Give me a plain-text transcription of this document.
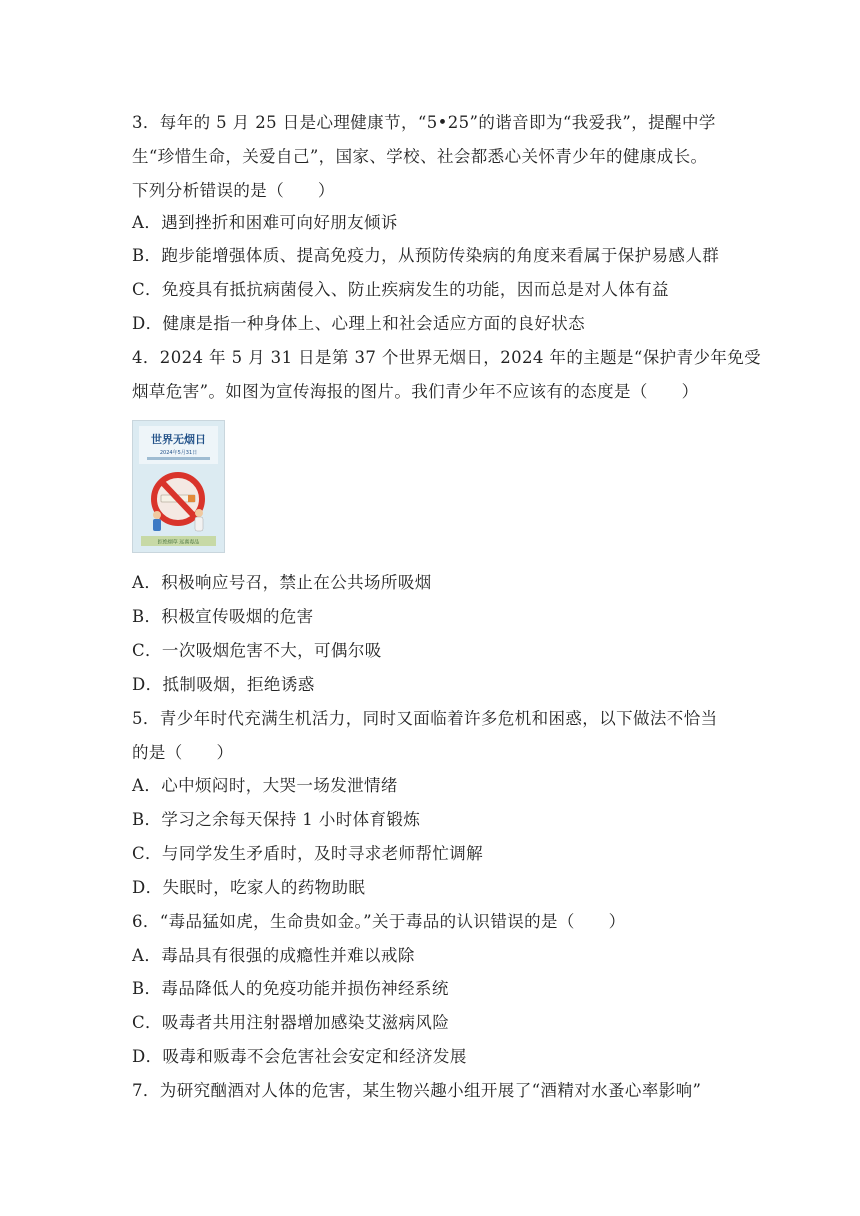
3．每年的 5 月 25 日是心理健康节，“5•25”的谐音即为“我爱我”，提醒中学
生“珍惜生命，关爱自己”，国家、学校、社会都悉心关怀青少年的健康成长。
下列分析错误的是（　　）
A．遇到挫折和困难可向好朋友倾诉
B．跑步能增强体质、提高免疫力，从预防传染病的角度来看属于保护易感人群
C．免疫具有抵抗病菌侵入、防止疾病发生的功能，因而总是对人体有益
D．健康是指一种身体上、心理上和社会适应方面的良好状态
4．2024 年 5 月 31 日是第 37 个世界无烟日，2024 年的主题是“保护青少年免受
烟草危害”。如图为宣传海报的图片。我们青少年不应该有的态度是（　　）
世界无烟日
2024年5月31日
拒绝烟草 远离毒品
A．积极响应号召，禁止在公共场所吸烟
B．积极宣传吸烟的危害
C．一次吸烟危害不大，可偶尔吸
D．抵制吸烟，拒绝诱惑
5．青少年时代充满生机活力，同时又面临着许多危机和困惑，以下做法不恰当
的是（　　）
A．心中烦闷时，大哭一场发泄情绪
B．学习之余每天保持 1 小时体育锻炼
C．与同学发生矛盾时，及时寻求老师帮忙调解
D．失眠时，吃家人的药物助眠
6．“毒品猛如虎，生命贵如金。”关于毒品的认识错误的是（　　）
A．毒品具有很强的成瘾性并难以戒除
B．毒品降低人的免疫功能并损伤神经系统
C．吸毒者共用注射器增加感染艾滋病风险
D．吸毒和贩毒不会危害社会安定和经济发展
7．为研究酗酒对人体的危害，某生物兴趣小组开展了“酒精对水蚤心率影响”
